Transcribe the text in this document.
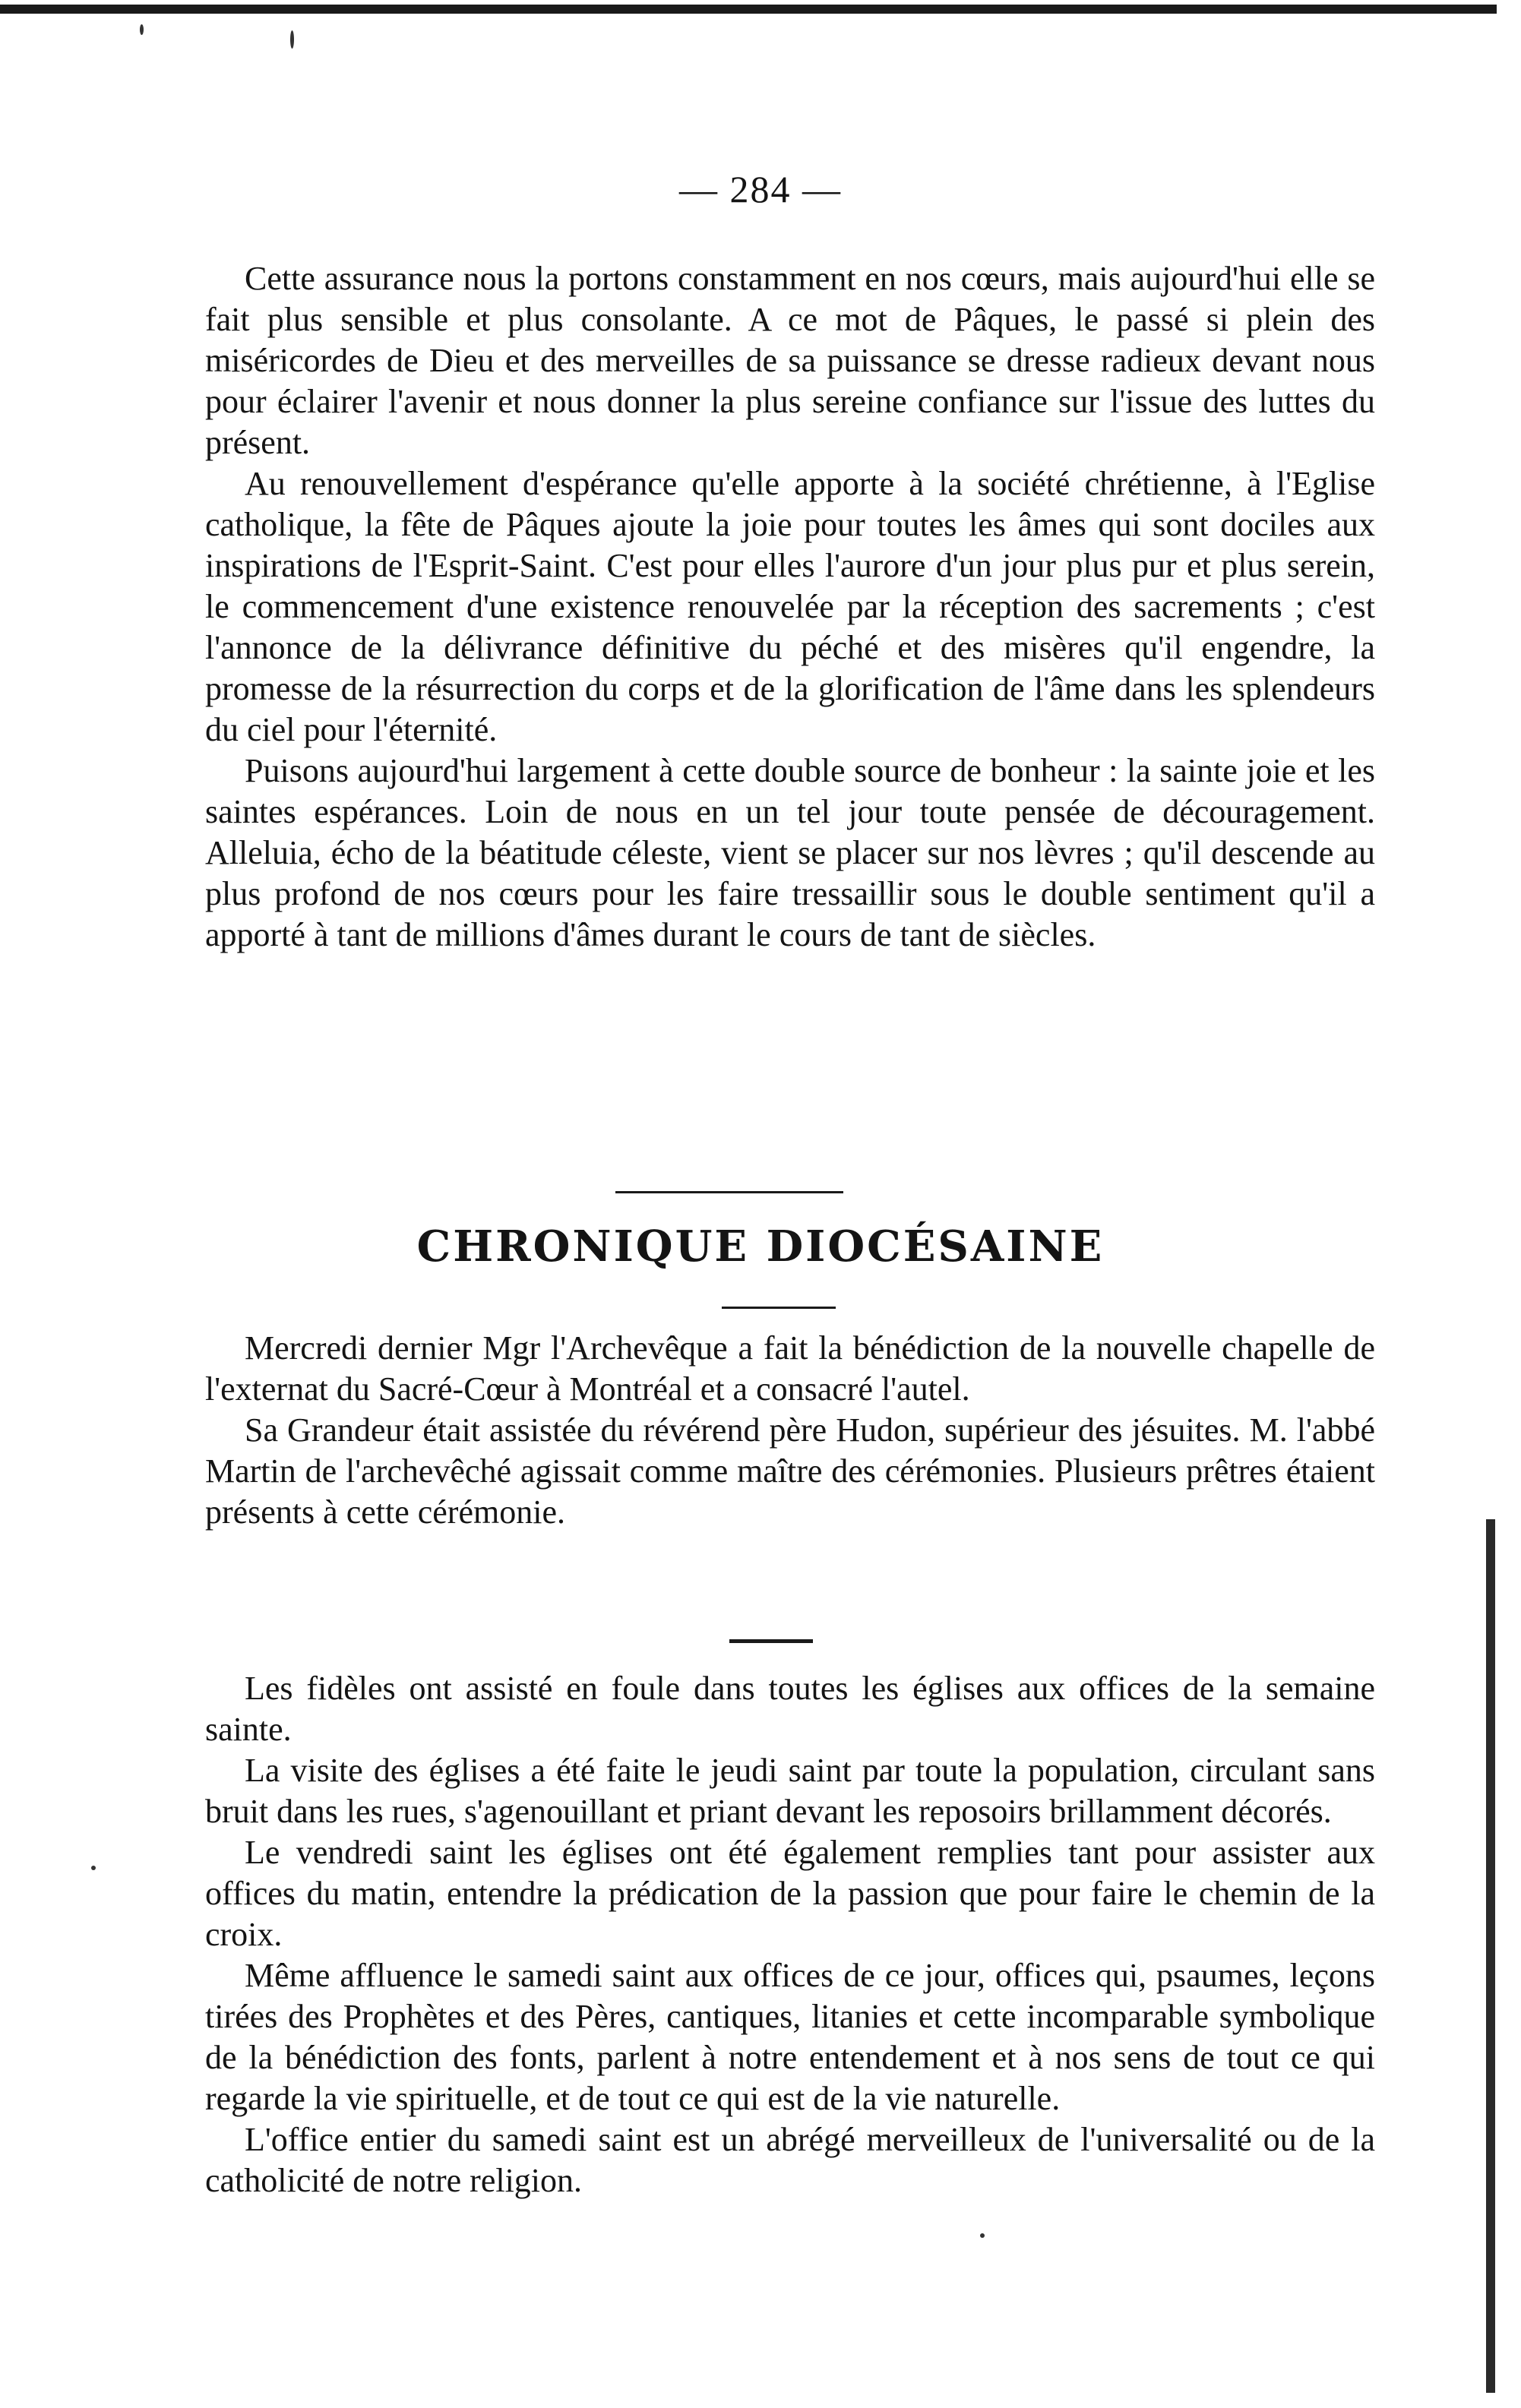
— 284 —

Cette assurance nous la portons constamment en nos cœurs, mais aujourd'hui elle se fait plus sensible et plus consolante. A ce mot de Pâques, le passé si plein des miséricordes de Dieu et des merveilles de sa puissance se dresse radieux devant nous pour éclairer l'avenir et nous donner la plus sereine confiance sur l'issue des luttes du présent.

Au renouvellement d'espérance qu'elle apporte à la société chrétienne, à l'Eglise catholique, la fête de Pâques ajoute la joie pour toutes les âmes qui sont dociles aux inspirations de l'Esprit-Saint. C'est pour elles l'aurore d'un jour plus pur et plus serein, le commencement d'une existence renouvelée par la réception des sacrements ; c'est l'annonce de la délivrance définitive du péché et des misères qu'il engendre, la promesse de la résurrection du corps et de la glorification de l'âme dans les splendeurs du ciel pour l'éternité.

Puisons aujourd'hui largement à cette double source de bonheur : la sainte joie et les saintes espérances. Loin de nous en un tel jour toute pensée de découragement. Alleluia, écho de la béatitude céleste, vient se placer sur nos lèvres ; qu'il descende au plus profond de nos cœurs pour les faire tressaillir sous le double sentiment qu'il a apporté à tant de millions d'âmes durant le cours de tant de siècles.

CHRONIQUE DIOCÉSAINE

Mercredi dernier Mgr l'Archevêque a fait la bénédiction de la nouvelle chapelle de l'externat du Sacré-Cœur à Montréal et a consacré l'autel.

Sa Grandeur était assistée du révérend père Hudon, supérieur des jésuites. M. l'abbé Martin de l'archevêché agissait comme maître des cérémonies. Plusieurs prêtres étaient présents à cette cérémonie.

Les fidèles ont assisté en foule dans toutes les églises aux offices de la semaine sainte.

La visite des églises a été faite le jeudi saint par toute la population, circulant sans bruit dans les rues, s'agenouillant et priant devant les reposoirs brillamment décorés.

Le vendredi saint les églises ont été également remplies tant pour assister aux offices du matin, entendre la prédication de la passion que pour faire le chemin de la croix.

Même affluence le samedi saint aux offices de ce jour, offices qui, psaumes, leçons tirées des Prophètes et des Pères, cantiques, litanies et cette incomparable symbolique de la bénédiction des fonts, parlent à notre entendement et à nos sens de tout ce qui regarde la vie spirituelle, et de tout ce qui est de la vie naturelle.

L'office entier du samedi saint est un abrégé merveilleux de l'universalité ou de la catholicité de notre religion.
